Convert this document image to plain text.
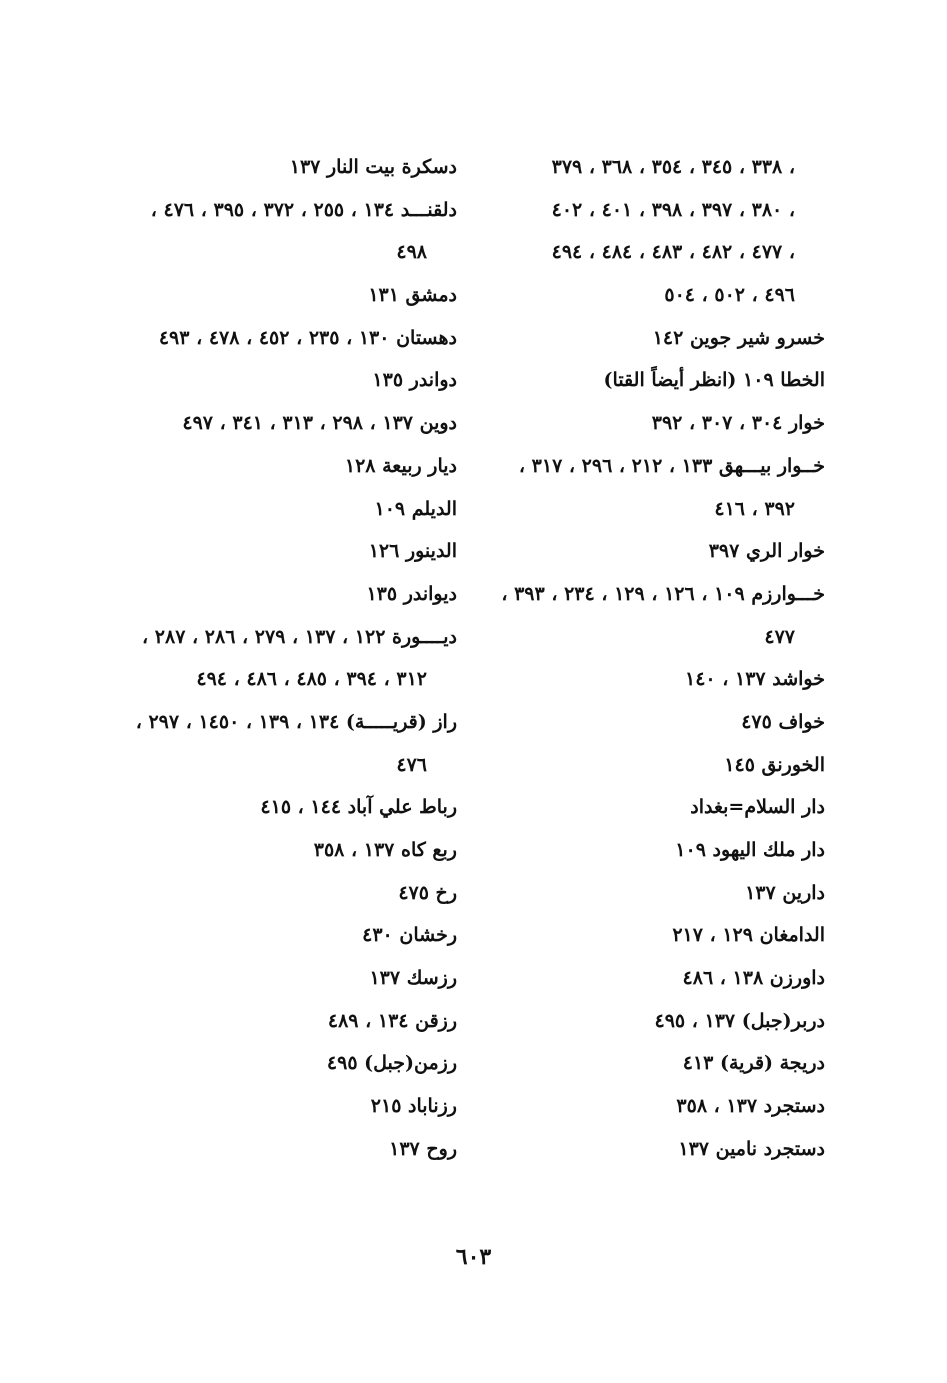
، ٣٣٨ ، ٣٤٥ ، ٣٥٤ ، ٣٦٨ ، ٣٧٩
، ٣٨٠ ، ٣٩٧ ، ٣٩٨ ، ٤٠١ ، ٤٠٢
، ٤٧٧ ، ٤٨٢ ، ٤٨٣ ، ٤٨٤ ، ٤٩٤
٤٩٦ ، ٥٠٢ ، ٥٠٤
خسرو شير جوين ١٤٢
الخطا ١٠٩ (انظر أيضاً القتا)
خوار ٣٠٤ ، ٣٠٧ ، ٣٩٢
خــوار بيـــهق ١٣٣ ، ٢١٢ ، ٢٩٦ ، ٣١٧ ،
٣٩٢ ، ٤١٦
خوار الري ٣٩٧
خـــوارزم ١٠٩ ، ١٢٦ ، ١٢٩ ، ٢٣٤ ، ٣٩٣ ،
٤٧٧
خواشد ١٣٧ ، ١٤٠
خواف ٤٧٥
الخورنق ١٤٥
دار السلام=بغداد
دار ملك اليهود ١٠٩
دارين ١٣٧
الدامغان ١٢٩ ، ٢١٧
داورزن ١٣٨ ، ٤٨٦
دربر(جبل) ١٣٧ ، ٤٩٥
دريجة (قرية) ٤١٣
دستجرد ١٣٧ ، ٣٥٨
دستجرد نامين ١٣٧
دسكرة بيت النار ١٣٧
دلقنـــد ١٣٤ ، ٢٥٥ ، ٣٧٢ ، ٣٩٥ ، ٤٧٦ ،
٤٩٨
دمشق ١٣١
دهستان ١٣٠ ، ٢٣٥ ، ٤٥٢ ، ٤٧٨ ، ٤٩٣
دواندر ١٣٥
دوين ١٣٧ ، ٢٩٨ ، ٣١٣ ، ٣٤١ ، ٤٩٧
ديار ربيعة ١٢٨
الديلم ١٠٩
الدينور ١٢٦
ديواندر ١٣٥
ديــــورة ١٢٢ ، ١٣٧ ، ٢٧٩ ، ٢٨٦ ، ٢٨٧ ،
٣١٢ ، ٣٩٤ ، ٤٨٥ ، ٤٨٦ ، ٤٩٤
راز (قريـــــة) ١٣٤ ، ١٣٩ ، ١٤٥٠ ، ٢٩٧ ،
٤٧٦
رباط علي آباد ١٤٤ ، ٤١٥
ربع كاه ١٣٧ ، ٣٥٨
رخ ٤٧٥
رخشان ٤٣٠
رزسك ١٣٧
رزقن ١٣٤ ، ٤٨٩
رزمن(جبل) ٤٩٥
رزناباد ٢١٥
روح ١٣٧
٦٠٣
